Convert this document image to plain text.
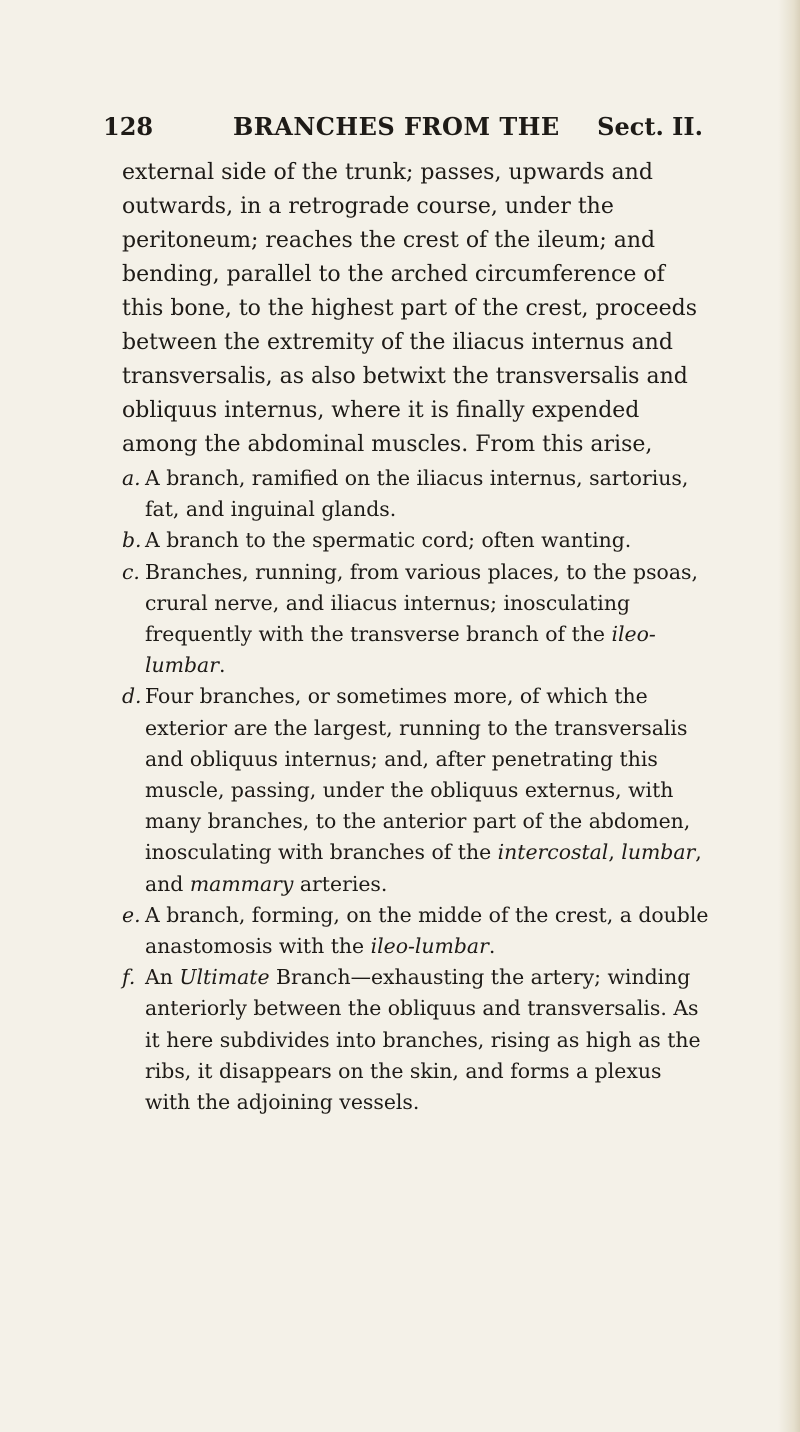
128	BRANCHES FROM THE Sect. II.

external side of the trunk; passes, upwards and outwards, in a retrograde course, under the peritoneum; reaches the crest of the ileum; and bending, parallel to the arched circumference of this bone, to the highest part of the crest, proceeds between the extremity of the iliacus internus and transversalis, as also betwixt the transversalis and obliquus internus, where it is finally expended among the abdominal muscles. From this arise,

a. A branch, ramified on the iliacus internus, sartorius, fat, and inguinal glands.

b. A branch to the spermatic cord; often wanting.

c. Branches, running, from various places, to the psoas, crural nerve, and iliacus internus; inosculating frequently with the transverse branch of the ileo-lumbar.

d. Four branches, or sometimes more, of which the exterior are the largest, running to the transversalis and obliquus internus; and, after penetrating this muscle, passing, under the obliquus externus, with many branches, to the anterior part of the abdomen, inosculating with branches of the intercostal, lumbar, and mammary arteries.

e. A branch, forming, on the midde of the crest, a double anastomosis with the ileo-lumbar.

f. An Ultimate Branch—exhausting the artery; winding anteriorly between the obliquus and transversalis. As it here subdivides into branches, rising as high as the ribs, it disappears on the skin, and forms a plexus with the adjoining vessels.
